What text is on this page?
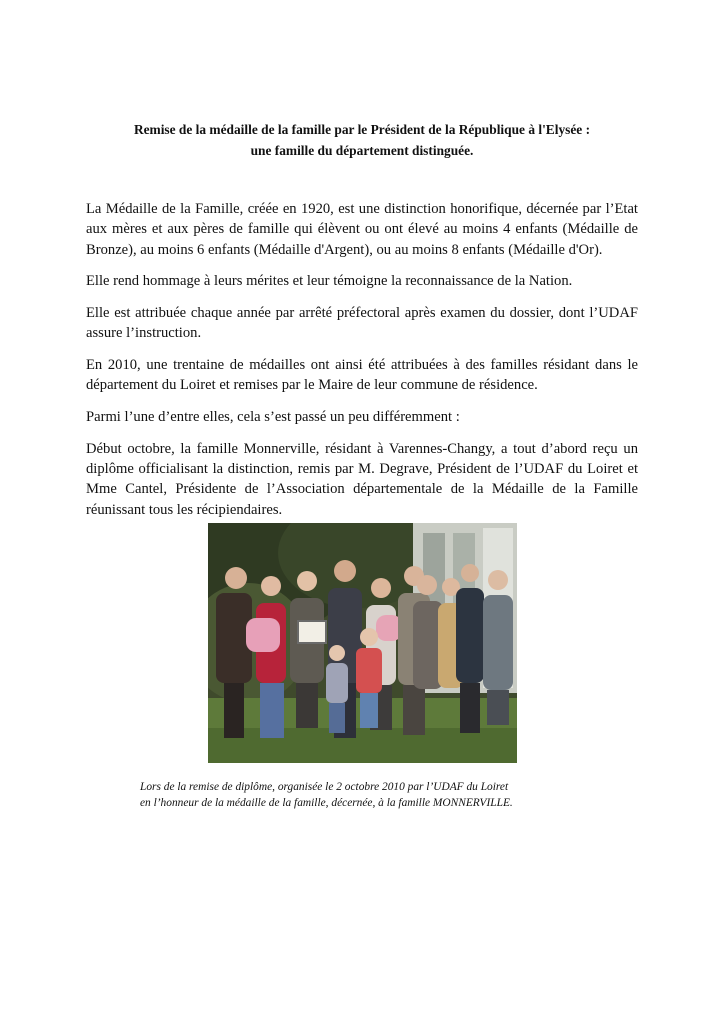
Remise de la médaille de la famille par le Président de la République à l'Elysée :
une famille du département distinguée.

La Médaille de la Famille, créée en 1920, est une distinction honorifique, décernée par l’Etat aux mères et aux pères de famille qui élèvent ou ont élevé au moins 4 enfants (Médaille de Bronze), au moins 6 enfants (Médaille d'Argent), ou au moins 8 enfants (Médaille d'Or).

Elle rend hommage à leurs mérites et leur témoigne la reconnaissance de la Nation.

Elle est attribuée chaque année par arrêté préfectoral après examen du dossier, dont l’UDAF assure l’instruction.

En 2010, une trentaine de médailles ont ainsi été attribuées à des familles résidant dans le département du Loiret et remises par le Maire de leur commune de résidence.

Parmi l’une d’entre elles, cela s’est passé un peu différemment :

Début octobre, la famille Monnerville, résidant à Varennes-Changy, a tout d’abord reçu un diplôme officialisant la distinction, remis par M. Degrave, Président de l’UDAF du Loiret et Mme Cantel, Présidente de l’Association départementale de la Médaille de la Famille réunissant tous les récipiendaires.

Lors de la remise de diplôme, organisée le 2 octobre 2010 par l’UDAF du Loiret
en l’honneur de la médaille de la famille, décernée, à la famille MONNERVILLE.
